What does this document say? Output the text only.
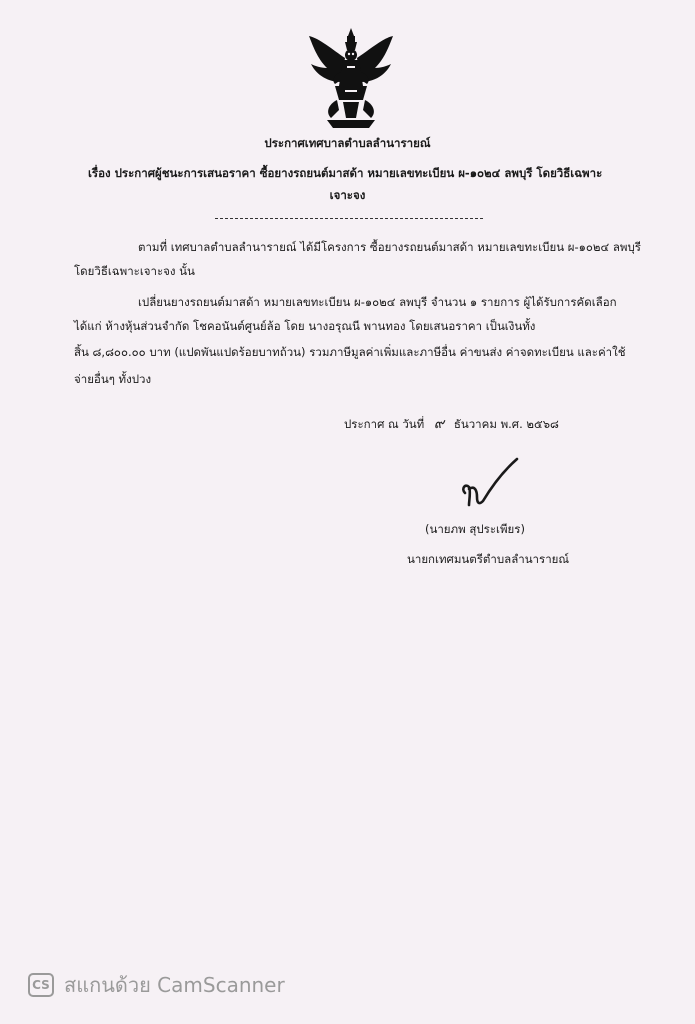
ประกาศเทศบาลตำบลลำนารายณ์
เรื่อง ประกาศผู้ชนะการเสนอราคา ซื้อยางรถยนต์มาสด้า หมายเลขทะเบียน ผ-๑๐๒๔ ลพบุรี โดยวิธีเฉพาะ
เจาะจง
ตามที่ เทศบาลตำบลลำนารายณ์ ได้มีโครงการ ซื้อยางรถยนต์มาสด้า หมายเลขทะเบียน ผ-๑๐๒๔ ลพบุรี
โดยวิธีเฉพาะเจาะจง นั้น
เปลี่ยนยางรถยนต์มาสด้า หมายเลขทะเบียน ผ-๑๐๒๔ ลพบุรี จำนวน ๑ รายการ ผู้ได้รับการคัดเลือก
ได้แก่ ห้างหุ้นส่วนจำกัด โชคอนันต์ศูนย์ล้อ โดย นางอรุณนี พานทอง โดยเสนอราคา เป็นเงินทั้ง
สิ้น ๘,๘๐๐.๐๐ บาท (แปดพันแปดร้อยบาทถ้วน) รวมภาษีมูลค่าเพิ่มและภาษีอื่น ค่าขนส่ง ค่าจดทะเบียน และค่าใช้
จ่ายอื่นๆ ทั้งปวง
ประกาศ ณ วันที่ ๙ ธันวาคม พ.ศ. ๒๕๖๘
(นายภพ สุประเพียร)
นายกเทศมนตรีตำบลลำนารายณ์
CS สแกนด้วย CamScanner
